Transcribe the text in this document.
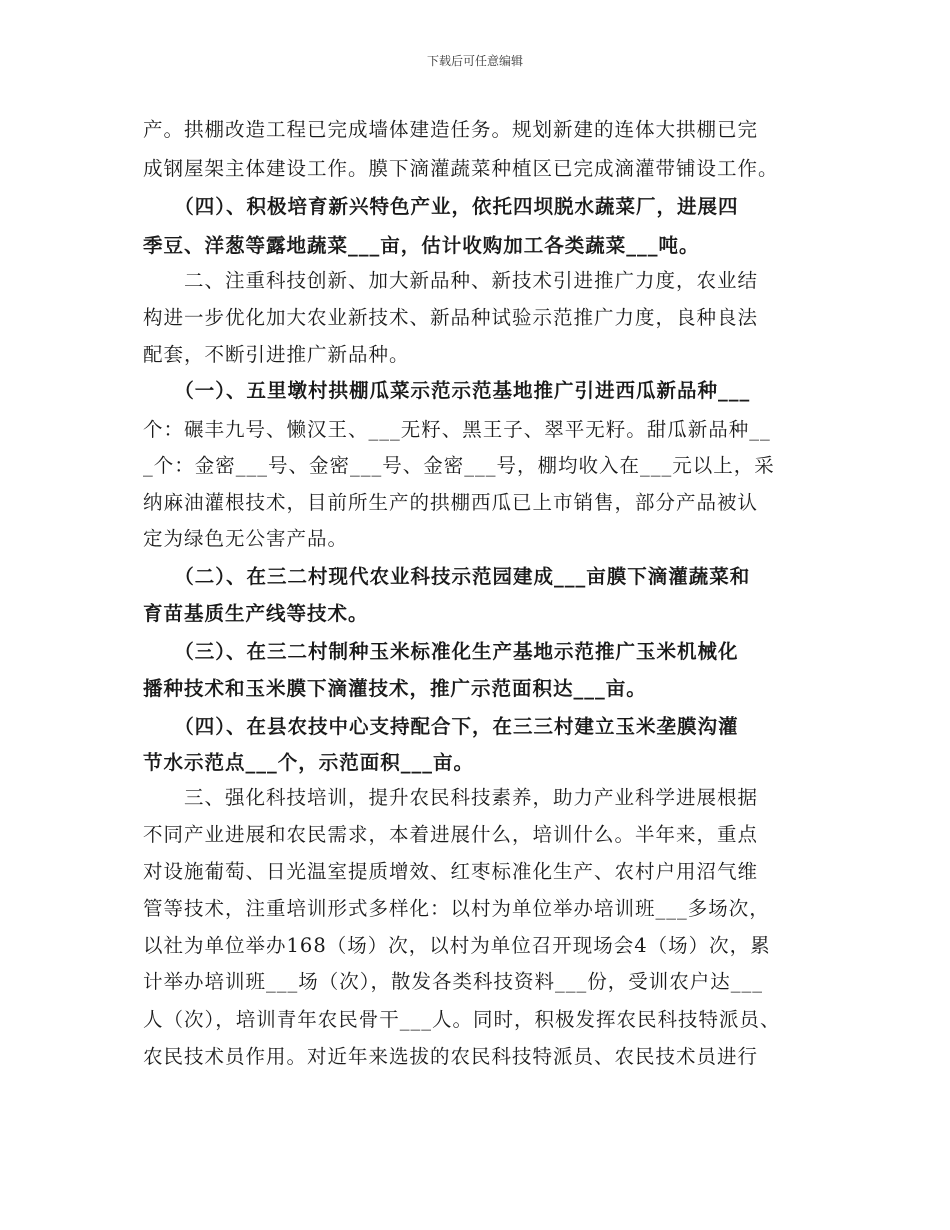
下载后可任意编辑
产。拱棚改造工程已完成墙体建造任务。规划新建的连体大拱棚已完
成钢屋架主体建设工作。膜下滴灌蔬菜种植区已完成滴灌带铺设工作。
　　（四）、积极培育新兴特色产业，依托四坝脱水蔬菜厂，进展四
季豆、洋葱等露地蔬菜___亩，估计收购加工各类蔬菜___吨。
　　二、注重科技创新、加大新品种、新技术引进推广力度，农业结
构进一步优化加大农业新技术、新品种试验示范推广力度，良种良法
配套，不断引进推广新品种。
　　（一）、五里墩村拱棚瓜菜示范示范基地推广引进西瓜新品种___
个：碾丰九号、懒汉王、___无籽、黑王子、翠平无籽。甜瓜新品种__
_个：金密___号、金密___号、金密___号，棚均收入在___元以上，采
纳麻油灌根技术，目前所生产的拱棚西瓜已上市销售，部分产品被认
定为绿色无公害产品。
　　（二）、在三二村现代农业科技示范园建成___亩膜下滴灌蔬菜和
育苗基质生产线等技术。
　　（三）、在三二村制种玉米标准化生产基地示范推广玉米机械化
播种技术和玉米膜下滴灌技术，推广示范面积达___亩。
　　（四）、在县农技中心支持配合下，在三三村建立玉米垄膜沟灌
节水示范点___个，示范面积___亩。
　　三、强化科技培训，提升农民科技素养，助力产业科学进展根据
不同产业进展和农民需求，本着进展什么，培训什么。半年来，重点
对设施葡萄、日光温室提质增效、红枣标准化生产、农村户用沼气维
管等技术，注重培训形式多样化：以村为单位举办培训班___多场次，
以社为单位举办168（场）次，以村为单位召开现场会4（场）次，累
计举办培训班___场（次），散发各类科技资料___份，受训农户达___
人（次），培训青年农民骨干___人。同时，积极发挥农民科技特派员、
农民技术员作用。对近年来选拔的农民科技特派员、农民技术员进行
